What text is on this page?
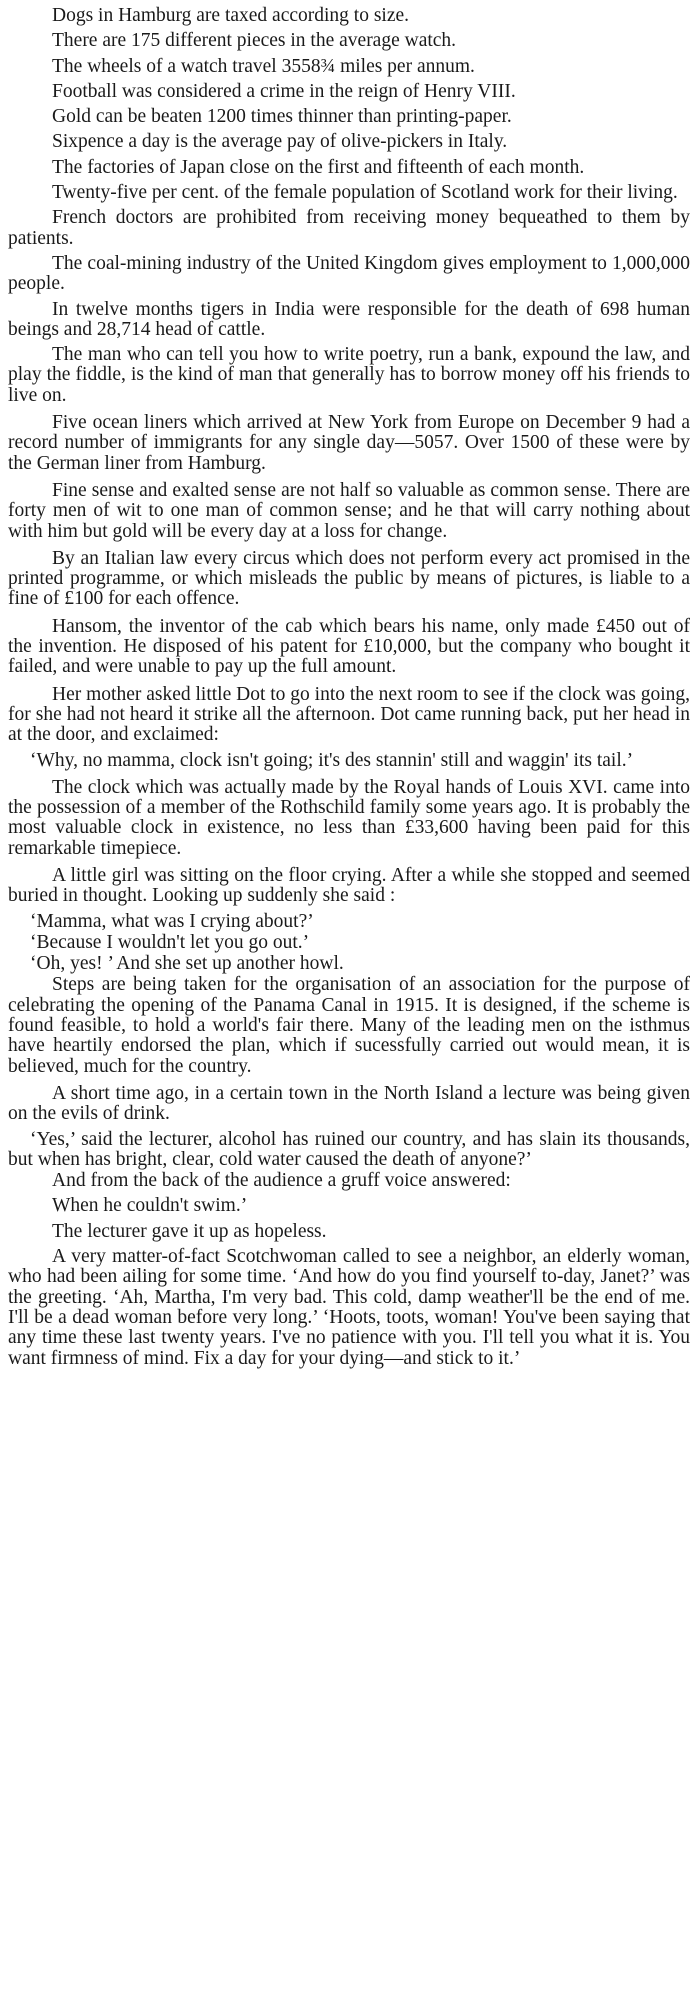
Dogs in Hamburg are taxed according to size.

There are 175 different pieces in the average watch.

The wheels of a watch travel 3558¾ miles per annum.

Football was considered a crime in the reign of Henry VIII.

Gold can be beaten 1200 times thinner than printing-paper.

Sixpence a day is the average pay of olive-pickers in Italy.

The factories of Japan close on the first and fifteenth of each month.

Twenty-five per cent. of the female population of Scotland work for their living.

French doctors are prohibited from receiving money bequeathed to them by patients.

The coal-mining industry of the United Kingdom gives employment to 1,000,000 people.

In twelve months tigers in India were responsible for the death of 698 human beings and 28,714 head of cattle.

The man who can tell you how to write poetry, run a bank, expound the law, and play the fiddle, is the kind of man that generally has to borrow money off his friends to live on.

Five ocean liners which arrived at New York from Europe on December 9 had a record number of immigrants for any single day—5057. Over 1500 of these were by the German liner from Hamburg.

Fine sense and exalted sense are not half so valuable as common sense. There are forty men of wit to one man of common sense; and he that will carry nothing about with him but gold will be every day at a loss for change.

By an Italian law every circus which does not perform every act promised in the printed programme, or which misleads the public by means of pictures, is liable to a fine of £100 for each offence.

Hansom, the inventor of the cab which bears his name, only made £450 out of the invention. He disposed of his patent for £10,000, but the company who bought it failed, and were unable to pay up the full amount.

Her mother asked little Dot to go into the next room to see if the clock was going, for she had not heard it strike all the afternoon. Dot came running back, put her head in at the door, and exclaimed:

‘Why, no mamma, clock isn't going; it's des stannin' still and waggin' its tail.’

The clock which was actually made by the Royal hands of Louis XVI. came into the possession of a member of the Rothschild family some years ago. It is probably the most valuable clock in existence, no less than £33,600 having been paid for this remarkable timepiece.

A little girl was sitting on the floor crying. After a while she stopped and seemed buried in thought. Looking up suddenly she said :

‘Mamma, what was I crying about?’

‘Because I wouldn't let you go out.’

‘Oh, yes! ’ And she set up another howl.

Steps are being taken for the organisation of an association for the purpose of celebrating the opening of the Panama Canal in 1915. It is designed, if the scheme is found feasible, to hold a world's fair there. Many of the leading men on the isthmus have heartily endorsed the plan, which if sucessfully carried out would mean, it is believed, much for the country.

A short time ago, in a certain town in the North Island a lecture was being given on the evils of drink.

‘Yes,’ said the lecturer, alcohol has ruined our country, and has slain its thousands, but when has bright, clear, cold water caused the death of anyone?’

And from the back of the audience a gruff voice answered:

When he couldn't swim.’

The lecturer gave it up as hopeless.

A very matter-of-fact Scotchwoman called to see a neighbor, an elderly woman, who had been ailing for some time. ‘And how do you find yourself to-day, Janet?’ was the greeting. ‘Ah, Martha, I'm very bad. This cold, damp weather'll be the end of me. I'll be a dead woman before very long.’ ‘Hoots, toots, woman! You've been saying that any time these last twenty years. I've no patience with you. I'll tell you what it is. You want firmness of mind. Fix a day for your dying—and stick to it.’
